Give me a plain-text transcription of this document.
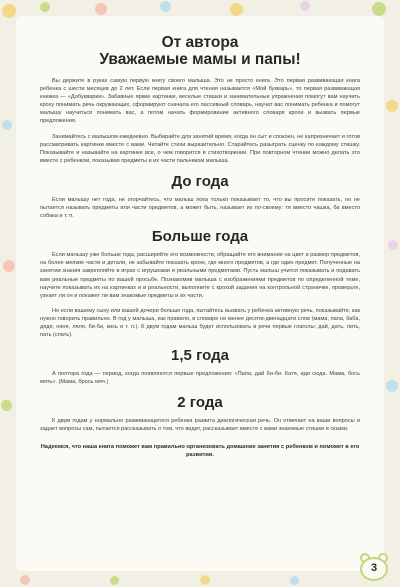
От автора
Уважаемые мамы и папы!

Вы держите в руках самую первую книгу своего малыша. Это не просто книга. Это первая развивающая книга ребенка с шести месяцев до 2 лет. Если первая книга для чтения называется «Мой букварь», то первая развивающая книжка — «Добукварик». Забавные яркие картинки, веселые стишки и занимательные упражнения помогут вам научить кроху понимать речь окружающих, сформируют сначала его пассивный словарь, научат вас понимать ребенка и помогут малышу научиться понимать вас, а потом начать формирование активного словаря крохи и вызвать первые предложения.

Занимайтесь с малышом ежедневно. Выбирайте для занятий время, когда он сыт и спокоен, не капризничает и готов рассматривать картинки вместе с вами. Читайте стихи выразительно. Старайтесь разыграть сценку по каждому стишку. Показывайте и называйте на картинке все, о чем говорится в стихотворении. При повторном чтении можно делать это вместе с ребенком, показывая предметы и их части пальчиком малыша.

До года

Если малышу нет года, не огорчайтесь, что малыш пока только показывает то, что вы просите показать, но не пытается называть предметы или части предметов, а может быть, называет их по-своему: тя вместо чашка, ба вместо собака и т. п.

Больше года

Если малышу уже больше года, расширяйте его возможности, обращайте его внимание на цвет и размер предметов, на более мелкие части и детали, не забывайте показать крохе, где много предметов, а где один предмет. Полученные на занятии знания закрепляйте в играх с игрушками и реальными предметами. Пусть малыш учится показывать и подавать вам реальные предметы по вашей просьбе. Познакомив малыша с изображениями предметов по определенной теме, научите показывать их на картинках и в реальности, выполните с крохой задания на контрольной страничке, проверьте, узнает ли он и покажет ли вам знакомые предметы и их части.

Но если вашему сыну или вашей дочери больше года, пытайтесь вызвать у ребенка активную речь, показывайте, как нужно говорить правильно. В год у малыша, как правило, в словаре не менее десяти-двенадцати слов (мама, папа, баба, дядя, няня, ляля, би-би, кись и т. п.). К двум годам малыш будет использовать в речи первые глаголы: дай, дать, пить, пать (спать).

1,5 года

А полтора года — период, когда появляются первые предложения: «Папа, дай би-би. Катя, иди сюда. Мама, бось мять». (Мама, брось мяч.)

2 года

К двум годам у нормально развивающегося ребенка развита диалогическая речь. Он отвечает на ваши вопросы и задает вопросы сам, пытается рассказывать о том, что видит, рассказывает вместе с вами знакомые стишки и сказки.

Надеемся, что наша книга поможет вам правильно организовать домашние занятия с ребенком и поможет в его развитии.

3
